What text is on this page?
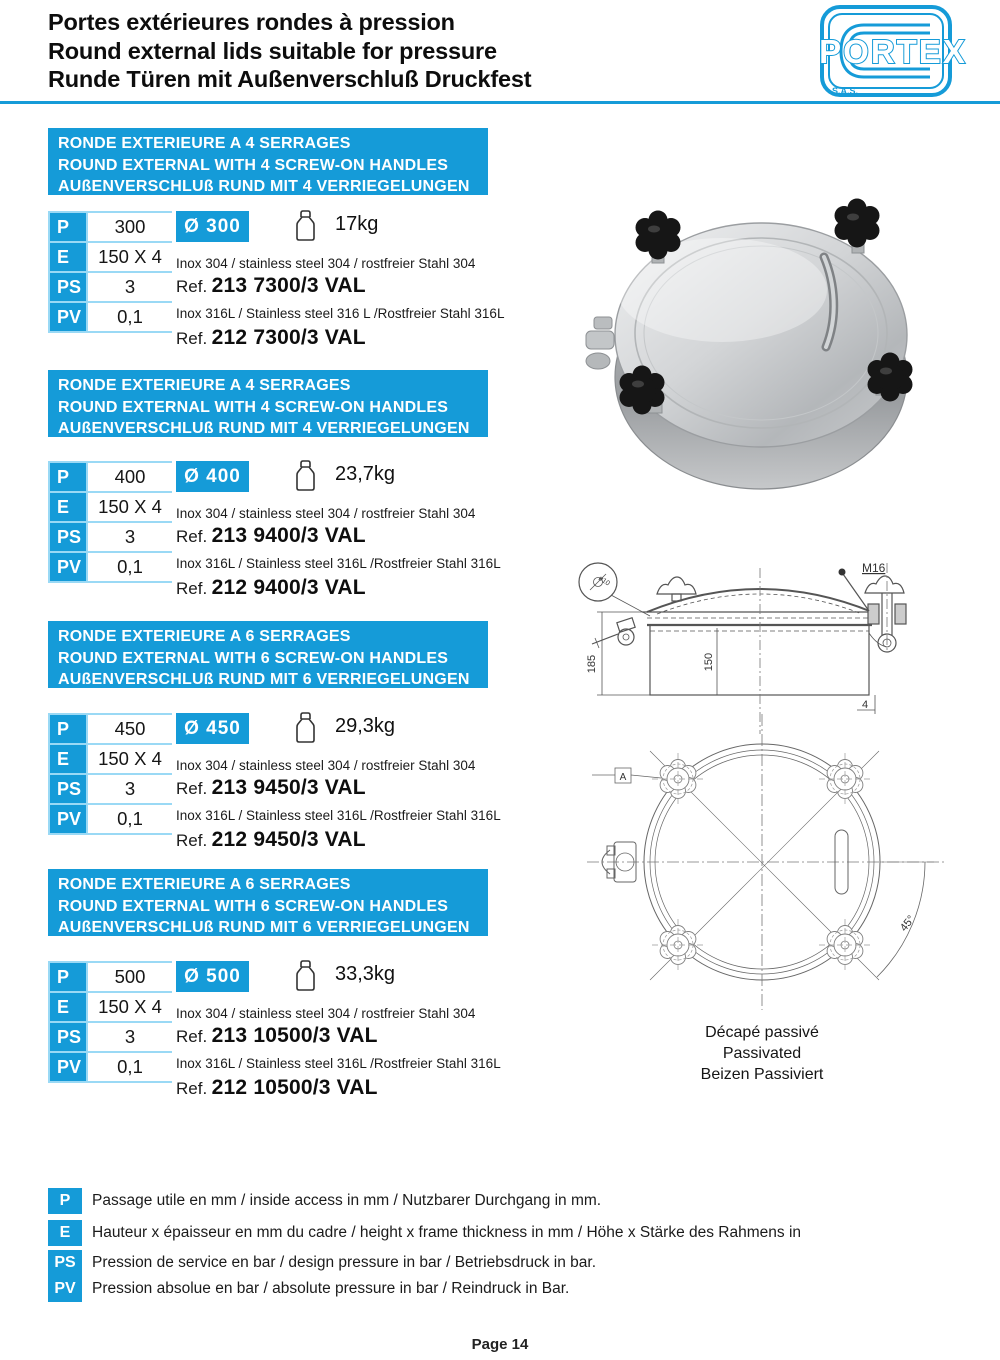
Portes extérieures rondes à pression
Round external lids suitable for pressure
Runde Türen mit Außenverschluß Druckfest
PORTEX
S.A.S.
RONDE EXTERIEURE A 4 SERRAGES
ROUND EXTERNAL WITH 4 SCREW-ON HANDLES
AUßENVERSCHLUß RUND MIT 4 VERRIEGELUNGEN
P	300
E	150 X 4
PS	3
PV	0,1
Ø 300	17kg
Inox 304 / stainless steel 304 / rostfreier Stahl 304
Ref. 213 7300/3 VAL
Inox 316L / Stainless steel 316 L /Rostfreier Stahl 316L
Ref. 212 7300/3 VAL
RONDE EXTERIEURE A 4 SERRAGES
ROUND EXTERNAL WITH 4 SCREW-ON HANDLES
AUßENVERSCHLUß RUND MIT 4 VERRIEGELUNGEN
P	400
E	150 X 4
PS	3
PV	0,1
Ø 400	23,7kg
Inox 304 / stainless steel 304 / rostfreier Stahl 304
Ref. 213 9400/3 VAL
Inox 316L / Stainless steel 316L /Rostfreier Stahl 316L
Ref. 212 9400/3 VAL
RONDE EXTERIEURE A 6 SERRAGES
ROUND EXTERNAL WITH 6 SCREW-ON HANDLES
AUßENVERSCHLUß RUND MIT 6 VERRIEGELUNGEN
P	450
E	150 X 4
PS	3
PV	0,1
Ø 450	29,3kg
Inox 304 / stainless steel 304 / rostfreier Stahl 304
Ref. 213 9450/3 VAL
Inox 316L / Stainless steel 316L /Rostfreier Stahl 316L
Ref. 212 9450/3 VAL
RONDE EXTERIEURE A 6 SERRAGES
ROUND EXTERNAL WITH 6 SCREW-ON HANDLES
AUßENVERSCHLUß RUND MIT 6 VERRIEGELUNGEN
P	500
E	150 X 4
PS	3
PV	0,1
Ø 500	33,3kg
Inox 304 / stainless steel 304 / rostfreier Stahl 304
Ref. 213 10500/3 VAL
Inox 316L / Stainless steel 316L /Rostfreier Stahl 316L
Ref. 212 10500/3 VAL
M16
185	150
4
ø10
A
45°
Décapé passivé
Passivated
Beizen Passiviert
P	Passage utile en mm / inside access in mm / Nutzbarer Durchgang in mm.
E	Hauteur x épaisseur en mm du cadre / height x frame thickness in mm / Höhe x Stärke des Rahmens in
PS	Pression de service en bar / design pressure in bar / Betriebsdruck in bar.
PV	Pression absolue en bar / absolute pressure in bar / Reindruck in Bar.
Page 14
